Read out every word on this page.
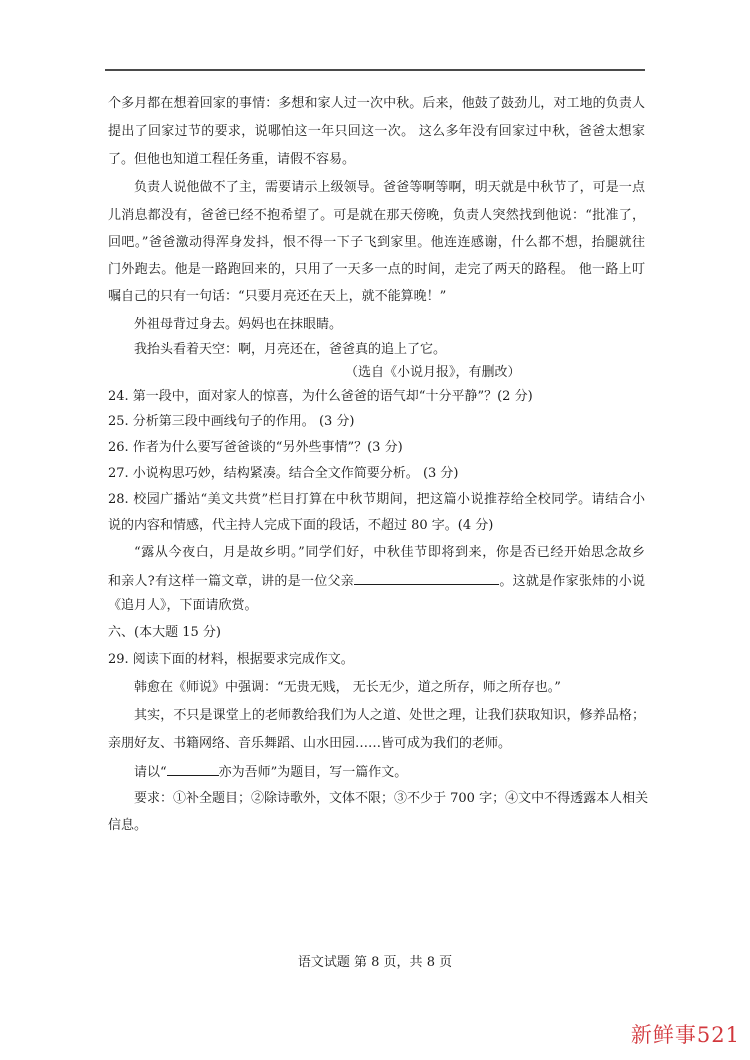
个多月都在想着回家的事情：多想和家人过一次中秋。后来，他鼓了鼓劲儿，对工地的负责人
提出了回家过节的要求，说哪怕这一年只回这一次。 这么多年没有回家过中秋，爸爸太想家
了。但他也知道工程任务重，请假不容易。
负责人说他做不了主，需要请示上级领导。爸爸等啊等啊，明天就是中秋节了，可是一点
儿消息都没有，爸爸已经不抱希望了。可是就在那天傍晚，负责人突然找到他说：“批准了，
回吧。”爸爸激动得浑身发抖，恨不得一下子飞到家里。他连连感谢，什么都不想，抬腿就往
门外跑去。他是一路跑回来的，只用了一天多一点的时间，走完了两天的路程。 他一路上叮
嘱自己的只有一句话：“只要月亮还在天上，就不能算晚！”
外祖母背过身去。妈妈也在抹眼睛。
我抬头看着天空：啊，月亮还在，爸爸真的追上了它。
（选自《小说月报》，有删改）
24. 第一段中，面对家人的惊喜，为什么爸爸的语气却“十分平静”？(2 分)
25. 分析第三段中画线句子的作用。 (3 分)
26. 作者为什么要写爸爸谈的“另外些事情”？(3 分)
27. 小说构思巧妙，结构紧凑。结合全文作简要分析。 (3 分)
28. 校园广播站“美文共赏”栏目打算在中秋节期间，把这篇小说推荐给全校同学。请结合小
说的内容和情感，代主持人完成下面的段话，不超过 80 字。(4 分)
“露从今夜白，月是故乡明。”同学们好，中秋佳节即将到来，你是否已经开始思念故乡
和亲人?有这样一篇文章，讲的是一位父亲	。这就是作家张炜的小说
《追月人》，下面请欣赏。
六、(本大题 15 分)
29. 阅读下面的材料，根据要求完成作文。
韩愈在《师说》中强调：“无贵无贱， 无长无少，道之所存，师之所存也。”
其实，不只是课堂上的老师教给我们为人之道、处世之理，让我们获取知识，修养品格；
亲朋好友、书籍网络、音乐舞蹈、山水田园……皆可成为我们的老师。
请以“	亦为吾师”为题目，写一篇作文。
要求：①补全题目；②除诗歌外，文体不限；③不少于 700 字；④文中不得透露本人相关
信息。
语文试题 第 8 页，共 8 页
新鲜事521
